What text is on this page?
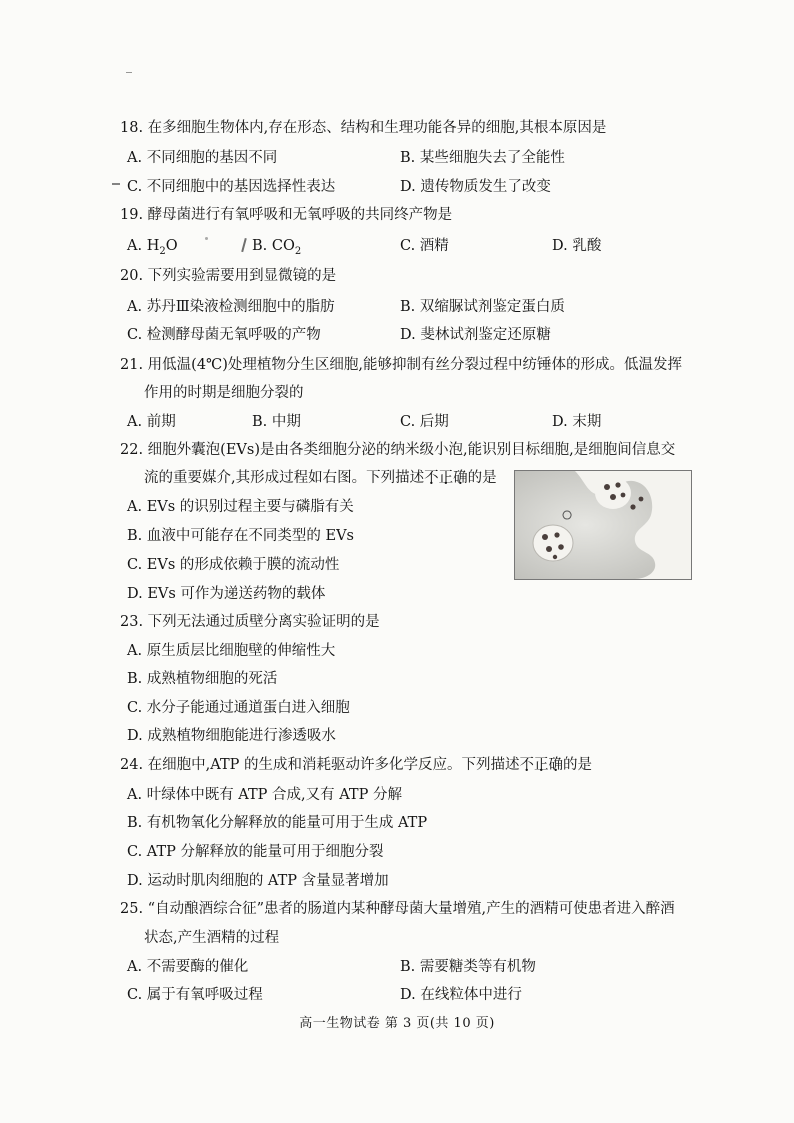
18. 在多细胞生物体内,存在形态、结构和生理功能各异的细胞,其根本原因是
A. 不同细胞的基因不同	B. 某些细胞失去了全能性
C. 不同细胞中的基因选择性表达	D. 遗传物质发生了改变
19. 酵母菌进行有氧呼吸和无氧呼吸的共同终产物是
A. $H_2O$	B. $CO_2$	C. 酒精	D. 乳酸
20. 下列实验需要用到显微镜的是
A. 苏丹Ⅲ染液检测细胞中的脂肪	B. 双缩脲试剂鉴定蛋白质
C. 检测酵母菌无氧呼吸的产物	D. 斐林试剂鉴定还原糖
21. 用低温(4℃)处理植物分生区细胞,能够抑制有丝分裂过程中纺锤体的形成。低温发挥
作用的时期是细胞分裂的
A. 前期	B. 中期	C. 后期	D. 末期
22. 细胞外囊泡(EVs)是由各类细胞分泌的纳米级小泡,能识别目标细胞,是细胞间信息交
流的重要媒介,其形成过程如右图。下列描述不 ·正 ·确 ·的是
A. EVs 的识别过程主要与磷脂有关
B. 血液中可能存在不同类型的 EVs
C. EVs 的形成依赖于膜的流动性
D. EVs 可作为递送药物的载体
23. 下列无法通过质壁分离实验证明的是
A. 原生质层比细胞壁的伸缩性大
B. 成熟植物细胞的死活
C. 水分子能通过通道蛋白进入细胞
D. 成熟植物细胞能进行渗透吸水
24. 在细胞中,ATP 的生成和消耗驱动许多化学反应。下列描述不 ·正 ·确 ·的是
A. 叶绿体中既有 ATP 合成,又有 ATP 分解
B. 有机物氧化分解释放的能量可用于生成 ATP
C. ATP 分解释放的能量可用于细胞分裂
D. 运动时肌肉细胞的 ATP 含量显著增加
25. “自动酿酒综合征”患者的肠道内某种酵母菌大量增殖,产生的酒精可使患者进入醉酒
状态,产生酒精的过程
A. 不需要酶的催化	B. 需要糖类等有机物
C. 属于有氧呼吸过程	D. 在线粒体中进行
高一生物试卷 第 3 页(共 10 页)
